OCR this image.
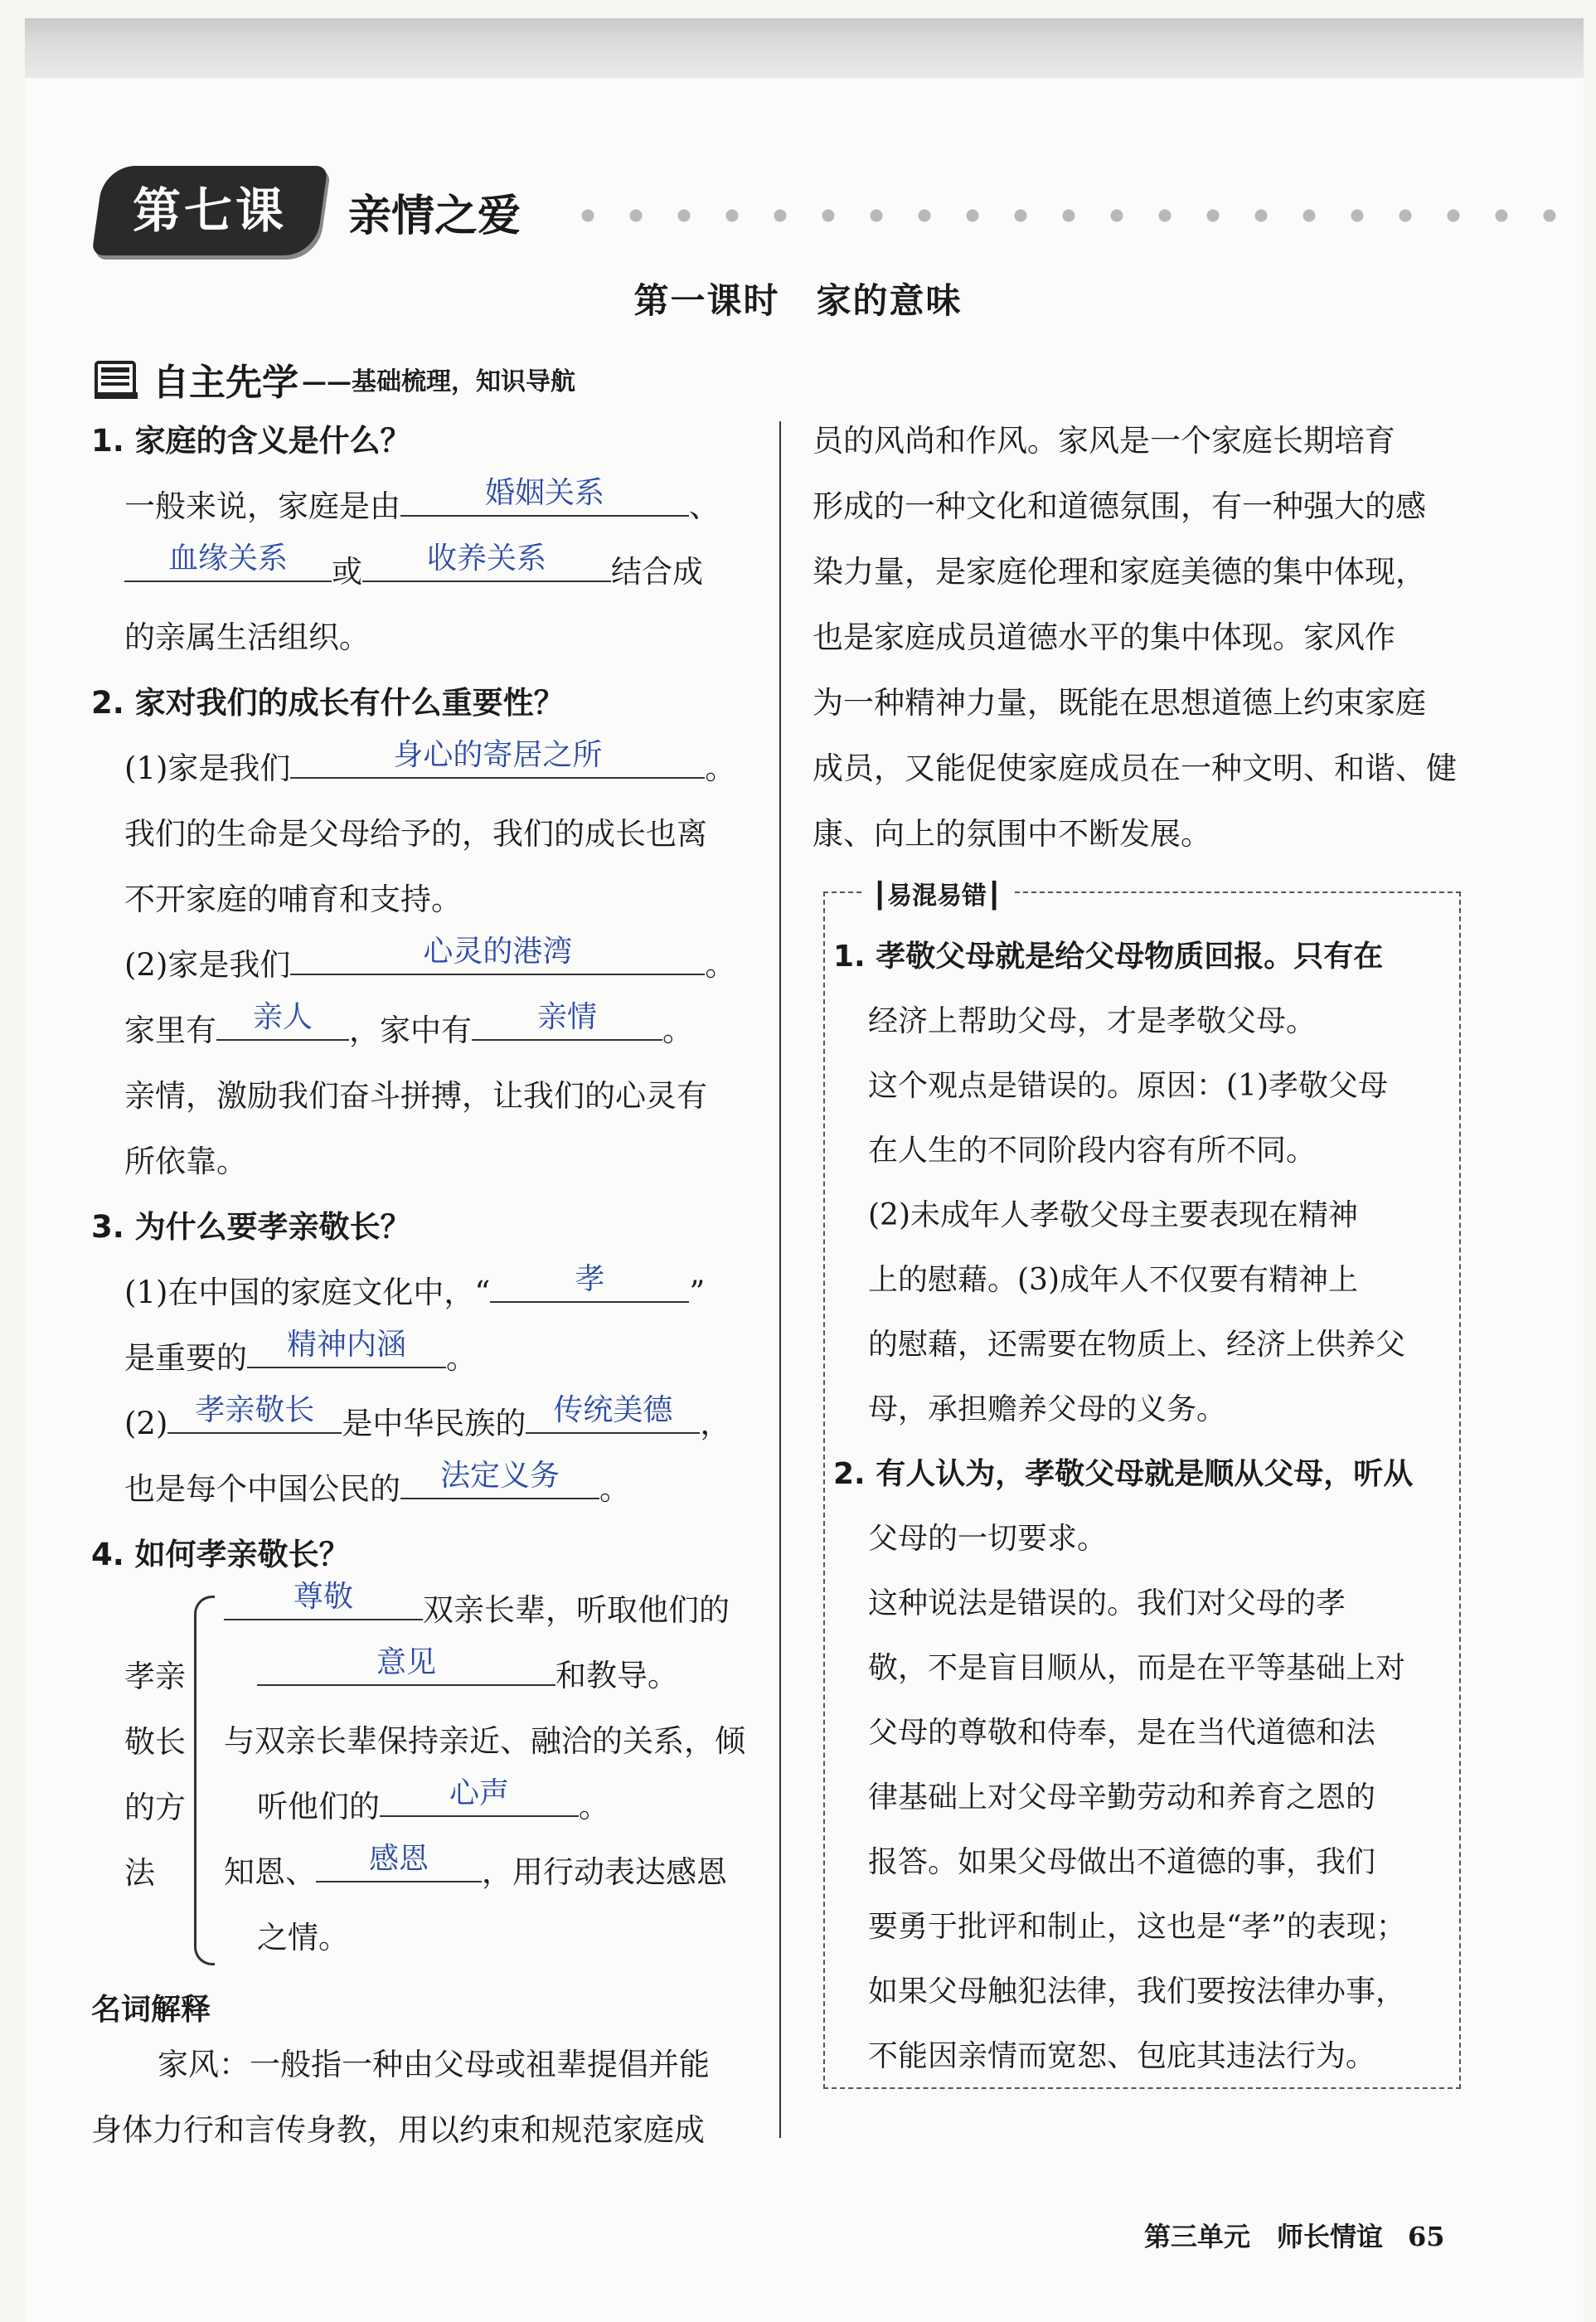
第七课	亲情之爱
第一课时　家的意味
自主先学 ——基础梳理，知识导航
1. 家庭的含义是什么？
一般来说，家庭是由	婚姻关系	、
血缘关系	或	收养关系	结合成
的亲属生活组织。
2. 家对我们的成长有什么重要性？
(1)家是我们	身心的寄居之所	。
我们的生命是父母给予的，我们的成长也离
不开家庭的哺育和支持。
(2)家是我们	心灵的港湾	。
家里有	亲人	，家中有	亲情	。
亲情，激励我们奋斗拼搏，让我们的心灵有
所依靠。
3. 为什么要孝亲敬长？
(1)在中国的家庭文化中，“	孝	”
是重要的	精神内涵	。
(2) 孝亲敬长 是中华民族的 传统美德 ，
也是每个中国公民的	法定义务	。
4. 如何孝亲敬长？
孝亲敬长的方法
尊敬	双亲长辈，听取他们的
意见	和教导。
与双亲长辈保持亲近、融洽的关系，倾
听他们的	心声	。
知恩、	感恩	，用行动表达感恩
之情。
名词解释
家风：一般指一种由父母或祖辈提倡并能
身体力行和言传身教，用以约束和规范家庭成
员的风尚和作风。家风是一个家庭长期培育
形成的一种文化和道德氛围，有一种强大的感
染力量，是家庭伦理和家庭美德的集中体现，
也是家庭成员道德水平的集中体现。家风作
为一种精神力量，既能在思想道德上约束家庭
成员，又能促使家庭成员在一种文明、和谐、健
康、向上的氛围中不断发展。
┃易混易错┃
1. 孝敬父母就是给父母物质回报。只有在
经济上帮助父母，才是孝敬父母。
这个观点是错误的。原因：(1)孝敬父母
在人生的不同阶段内容有所不同。
(2)未成年人孝敬父母主要表现在精神
上的慰藉。(3)成年人不仅要有精神上
的慰藉，还需要在物质上、经济上供养父
母，承担赡养父母的义务。
2. 有人认为，孝敬父母就是顺从父母，听从
父母的一切要求。
这种说法是错误的。我们对父母的孝
敬，不是盲目顺从，而是在平等基础上对
父母的尊敬和侍奉，是在当代道德和法
律基础上对父母辛勤劳动和养育之恩的
报答。如果父母做出不道德的事，我们
要勇于批评和制止，这也是“孝”的表现；
如果父母触犯法律，我们要按法律办事，
不能因亲情而宽恕、包庇其违法行为。
第三单元　师长情谊 65
